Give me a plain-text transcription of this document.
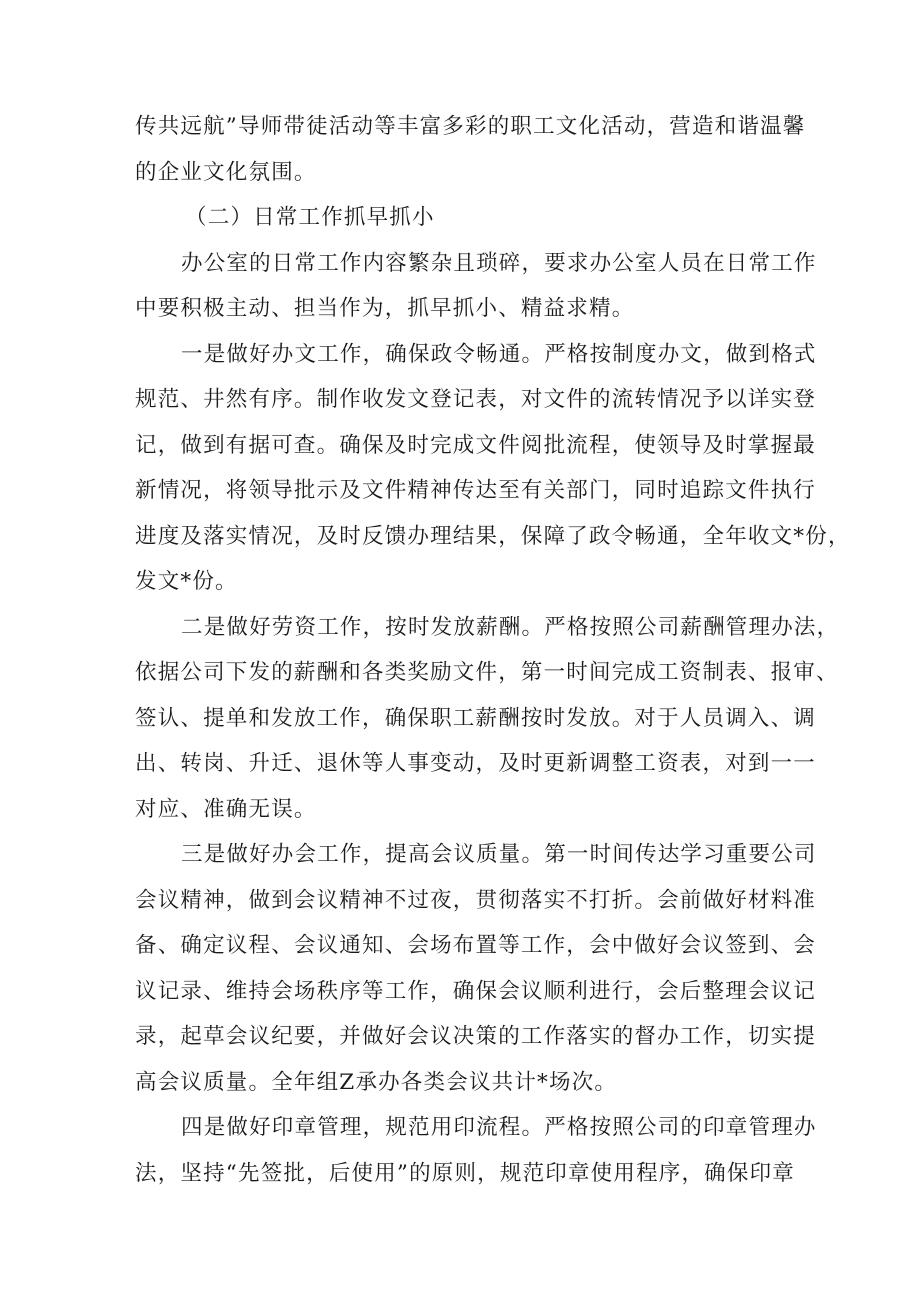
传共远航”导师带徒活动等丰富多彩的职工文化活动，营造和谐温馨
的企业文化氛围。
（二）日常工作抓早抓小
办公室的日常工作内容繁杂且琐碎，要求办公室人员在日常工作
中要积极主动、担当作为，抓早抓小、精益求精。
一是做好办文工作，确保政令畅通。严格按制度办文，做到格式
规范、井然有序。制作收发文登记表，对文件的流转情况予以详实登
记，做到有据可查。确保及时完成文件阅批流程，使领导及时掌握最
新情况，将领导批示及文件精神传达至有关部门，同时追踪文件执行
进度及落实情况，及时反馈办理结果，保障了政令畅通，全年收文*份，
发文*份。
二是做好劳资工作，按时发放薪酬。严格按照公司薪酬管理办法，
依据公司下发的薪酬和各类奖励文件，第一时间完成工资制表、报审、
签认、提单和发放工作，确保职工薪酬按时发放。对于人员调入、调
出、转岗、升迁、退休等人事变动，及时更新调整工资表，对到一一
对应、准确无误。
三是做好办会工作，提高会议质量。第一时间传达学习重要公司
会议精神，做到会议精神不过夜，贯彻落实不打折。会前做好材料准
备、确定议程、会议通知、会场布置等工作，会中做好会议签到、会
议记录、维持会场秩序等工作，确保会议顺利进行，会后整理会议记
录，起草会议纪要，并做好会议决策的工作落实的督办工作，切实提
高会议质量。全年组Z承办各类会议共计*场次。
四是做好印章管理，规范用印流程。严格按照公司的印章管理办
法，坚持“先签批，后使用”的原则，规范印章使用程序，确保印章
